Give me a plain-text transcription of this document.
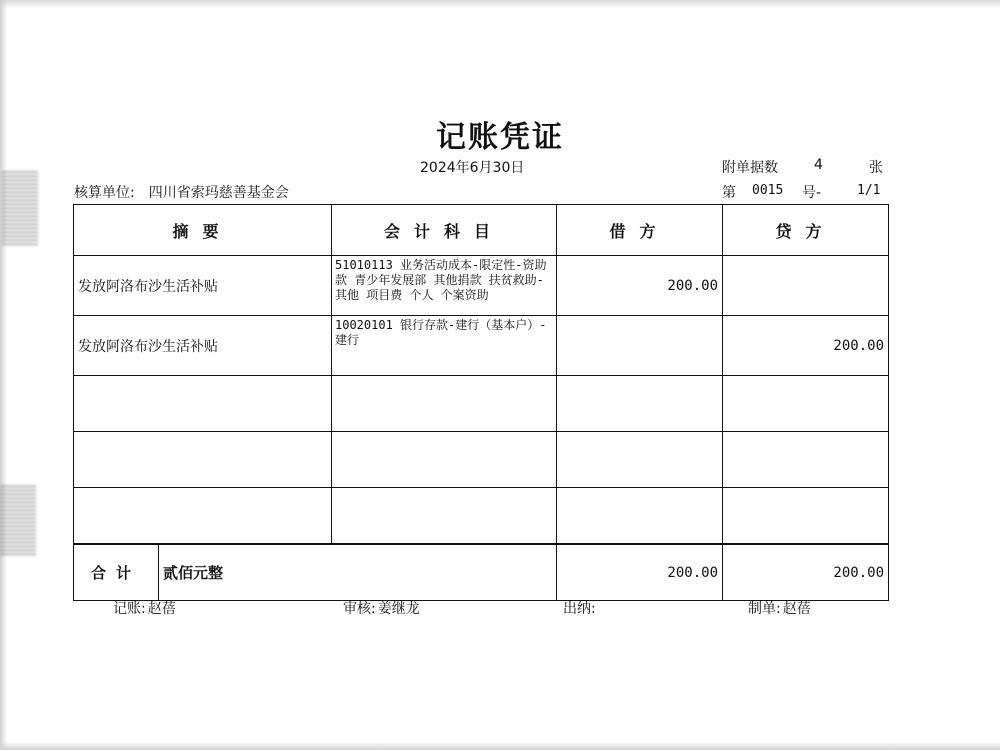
记账凭证
2024年6月30日	附单据数	4	张
核算单位: 四川省索玛慈善基金会	第 0015 号-	1/1
摘要	会计科目	借方	贷方
发放阿洛布沙生活补贴	51010113 业务活动成本-限定性-资助款 青少年发展部 其他捐款 扶贫救助-其他 项目费 个人 个案资助	200.00	
发放阿洛布沙生活补贴	10020101 银行存款-建行（基本户）-建行		200.00

合计 贰佰元整		200.00	200.00
记账: 赵蓓	审核: 姜继龙	出纳:	制单: 赵蓓
